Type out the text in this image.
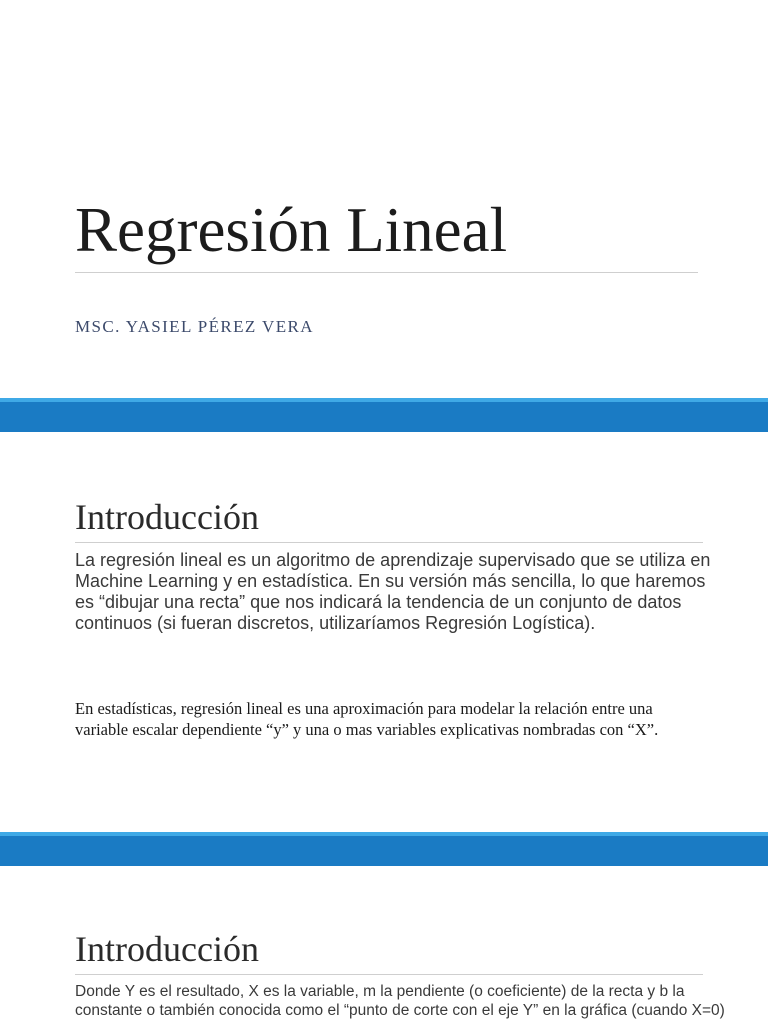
Regresión Lineal

MSC. YASIEL PÉREZ VERA

Introducción

La regresión lineal es un algoritmo de aprendizaje supervisado que se utiliza en Machine Learning y en estadística. En su versión más sencilla, lo que haremos es “dibujar una recta” que nos indicará la tendencia de un conjunto de datos continuos (si fueran discretos, utilizaríamos Regresión Logística).

En estadísticas, regresión lineal es una aproximación para modelar la relación entre una variable escalar dependiente “y” y una o mas variables explicativas nombradas con “X”.

Introducción

Donde Y es el resultado, X es la variable, m la pendiente (o coeficiente) de la recta y b la constante o también conocida como el “punto de corte con el eje Y” en la gráfica (cuando X=0)
